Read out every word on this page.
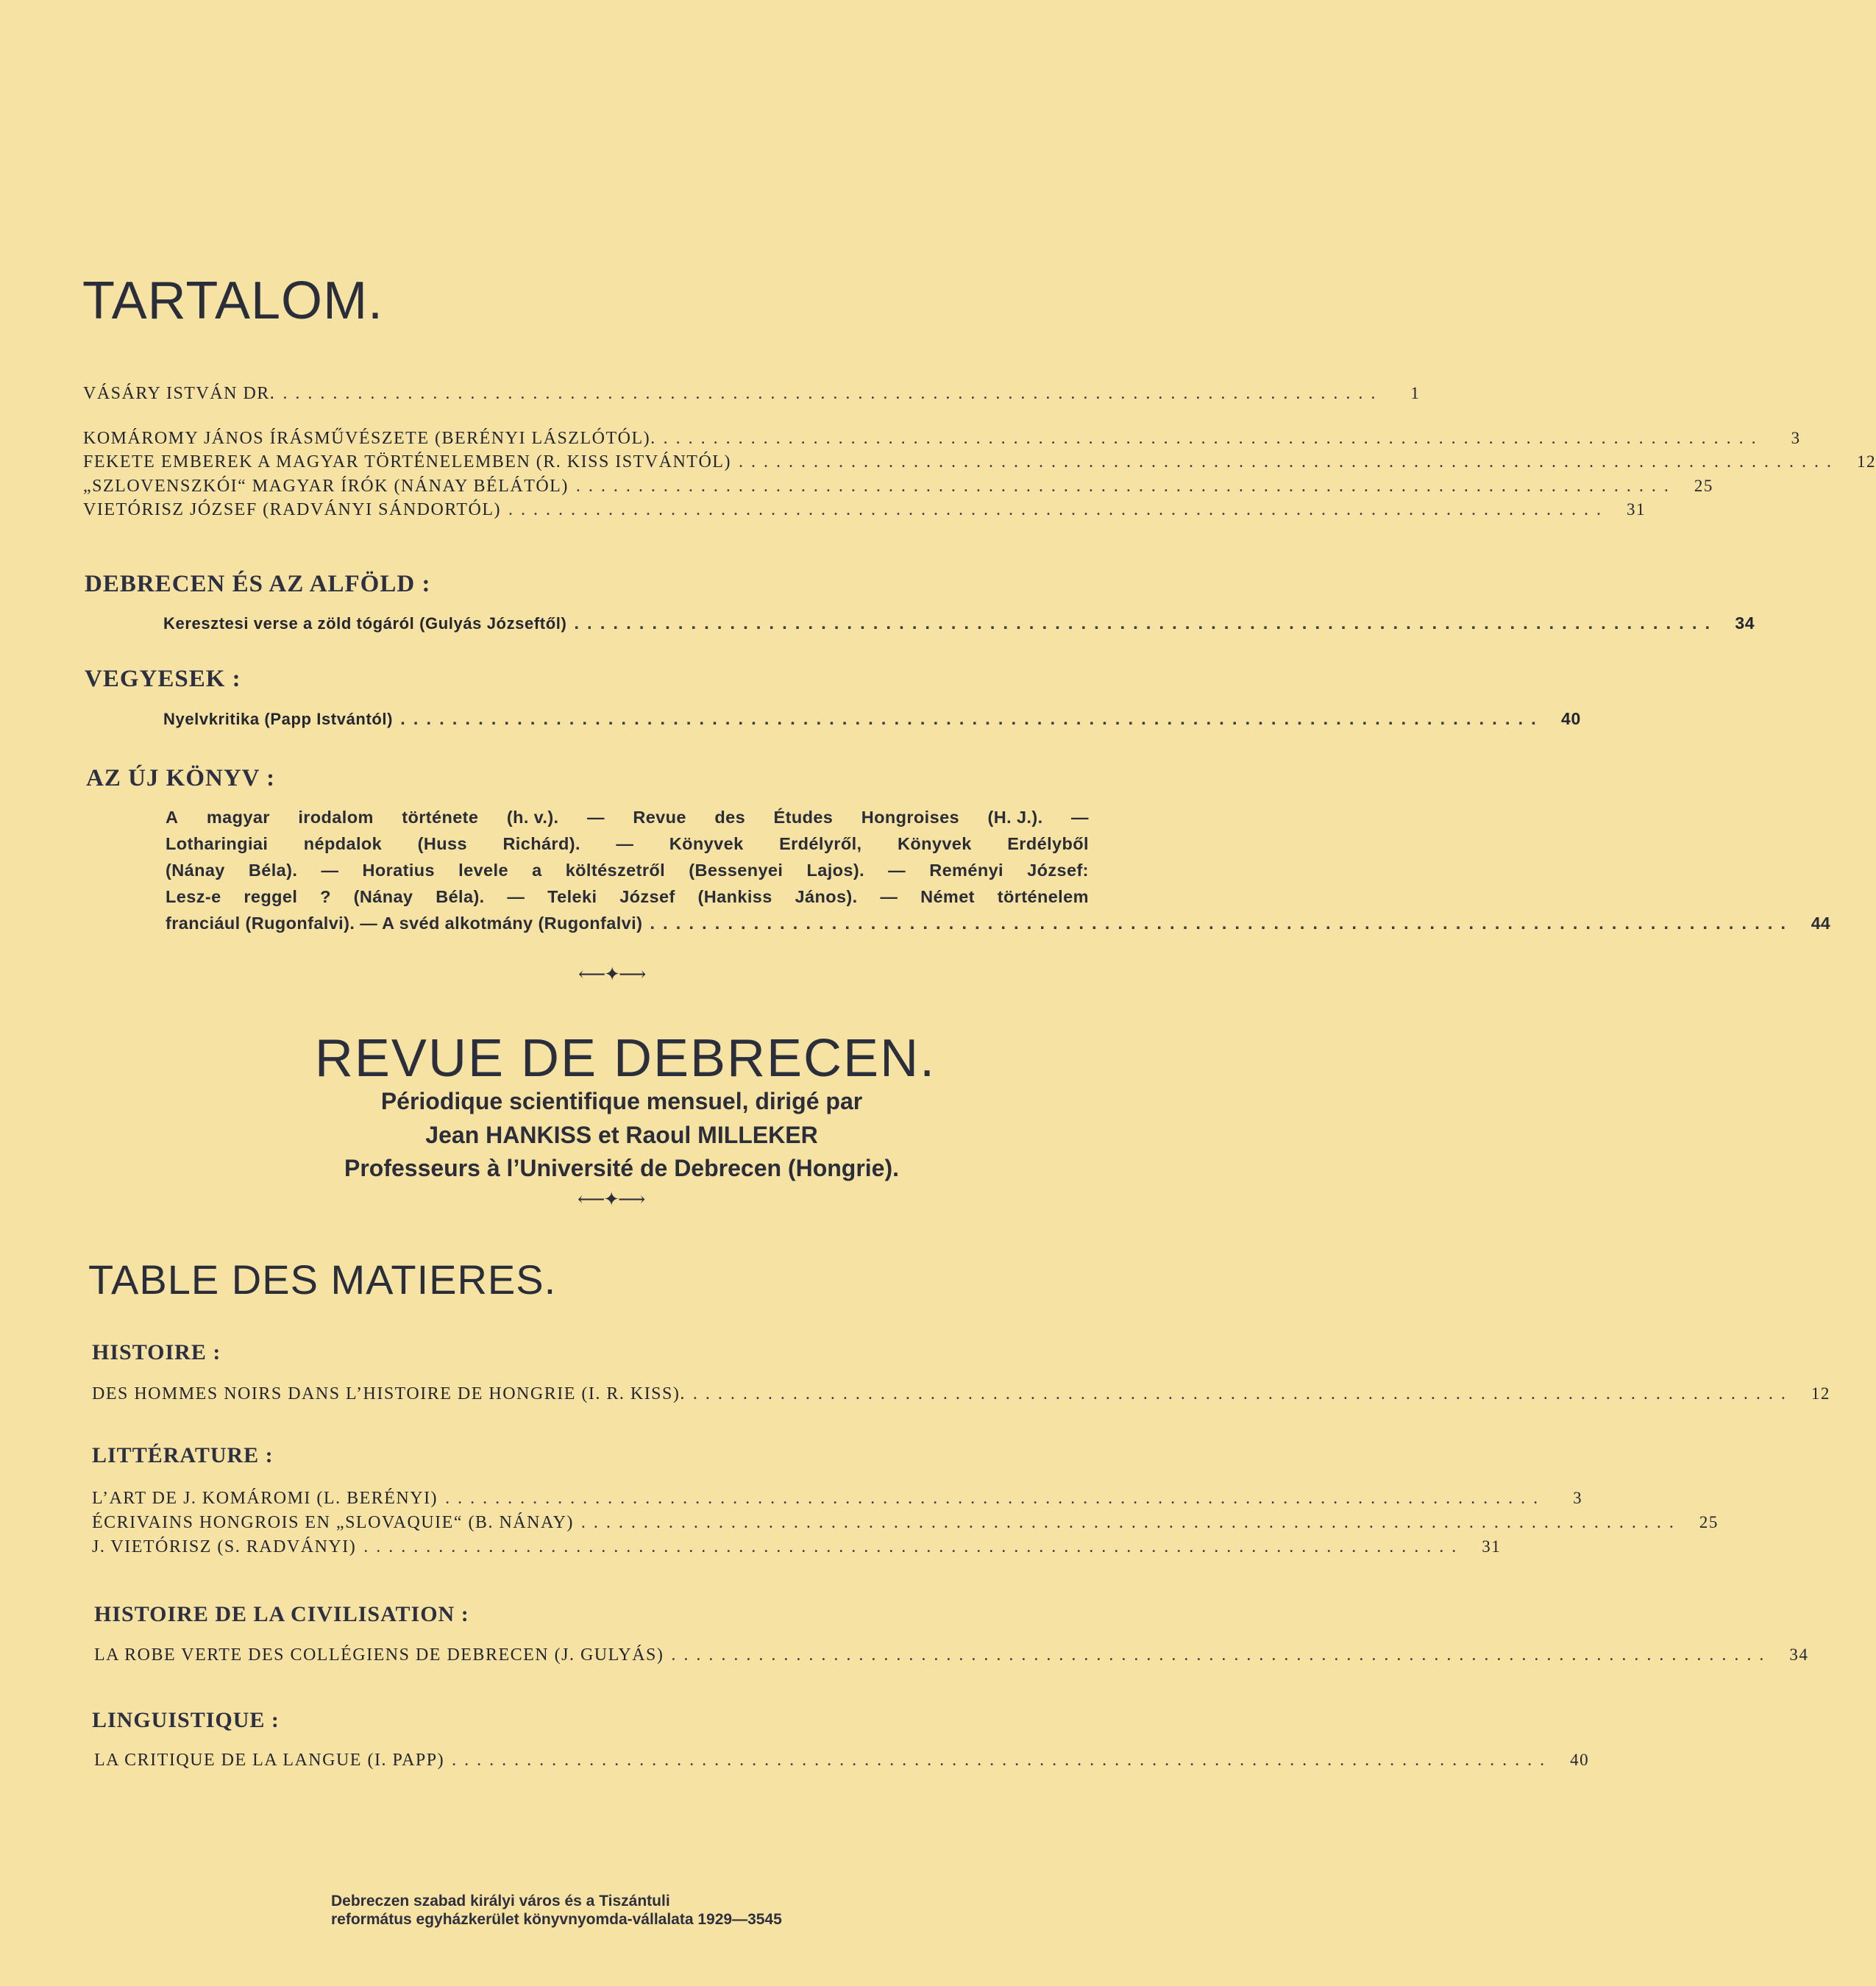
TARTALOM.
VÁSÁRY ISTVÁN DR. ........................................................................................	1
KOMÁROMY JÁNOS ÍRÁSMŰVÉSZETE (BERÉNYI LÁSZLÓTÓL). ........................................................................................	3
FEKETE EMBEREK A MAGYAR TÖRTÉNELEMBEN (R. KISS ISTVÁNTÓL) ........................................................................................	12
„SZLOVENSZKÓI“ MAGYAR ÍRÓK (NÁNAY BÉLÁTÓL) ........................................................................................	25
VIETÓRISZ JÓZSEF (RADVÁNYI SÁNDORTÓL) ........................................................................................	31
DEBRECEN ÉS AZ ALFÖLD :
Keresztesi verse a zöld tógáról (Gulyás Józseftől) ........................................................................................	34
VEGYESEK :
Nyelvkritika (Papp Istvántól) ........................................................................................	40
AZ ÚJ KÖNYV :
A magyar irodalom története (h. v.). — Revue des Études Hongroises (H. J.). —
Lotharingiai népdalok (Huss Richárd). — Könyvek Erdélyről, Könyvek Erdélyből
(Nánay Béla). — Horatius levele a költészetről (Bessenyei Lajos). — Reményi József:
Lesz-e reggel ? (Nánay Béla). — Teleki József (Hankiss János). — Német történelem
franciául (Rugonfalvi). — A svéd alkotmány (Rugonfalvi) ........................................................................................	44
⟵✦⟶
REVUE DE DEBRECEN.
Périodique scientifique mensuel, dirigé par
Jean HANKISS et Raoul MILLEKER
Professeurs à l’Université de Debrecen (Hongrie).
⟵✦⟶
TABLE DES MATIERES.
HISTOIRE :
DES HOMMES NOIRS DANS L’HISTOIRE DE HONGRIE (I. R. KISS). ........................................................................................	12
LITTÉRATURE :
L’ART DE J. KOMÁROMI (L. BERÉNYI) ........................................................................................	3
ÉCRIVAINS HONGROIS EN „SLOVAQUIE“ (B. NÁNAY) ........................................................................................	25
J. VIETÓRISZ (S. RADVÁNYI) ........................................................................................	31
HISTOIRE DE LA CIVILISATION :
LA ROBE VERTE DES COLLÉGIENS DE DEBRECEN (J. GULYÁS) ........................................................................................	34
LINGUISTIQUE :
LA CRITIQUE DE LA LANGUE (I. PAPP) ........................................................................................	40
Debreczen szabad királyi város és a Tiszántuli
református egyházkerület könyvnyomda-vállalata 1929—3545
